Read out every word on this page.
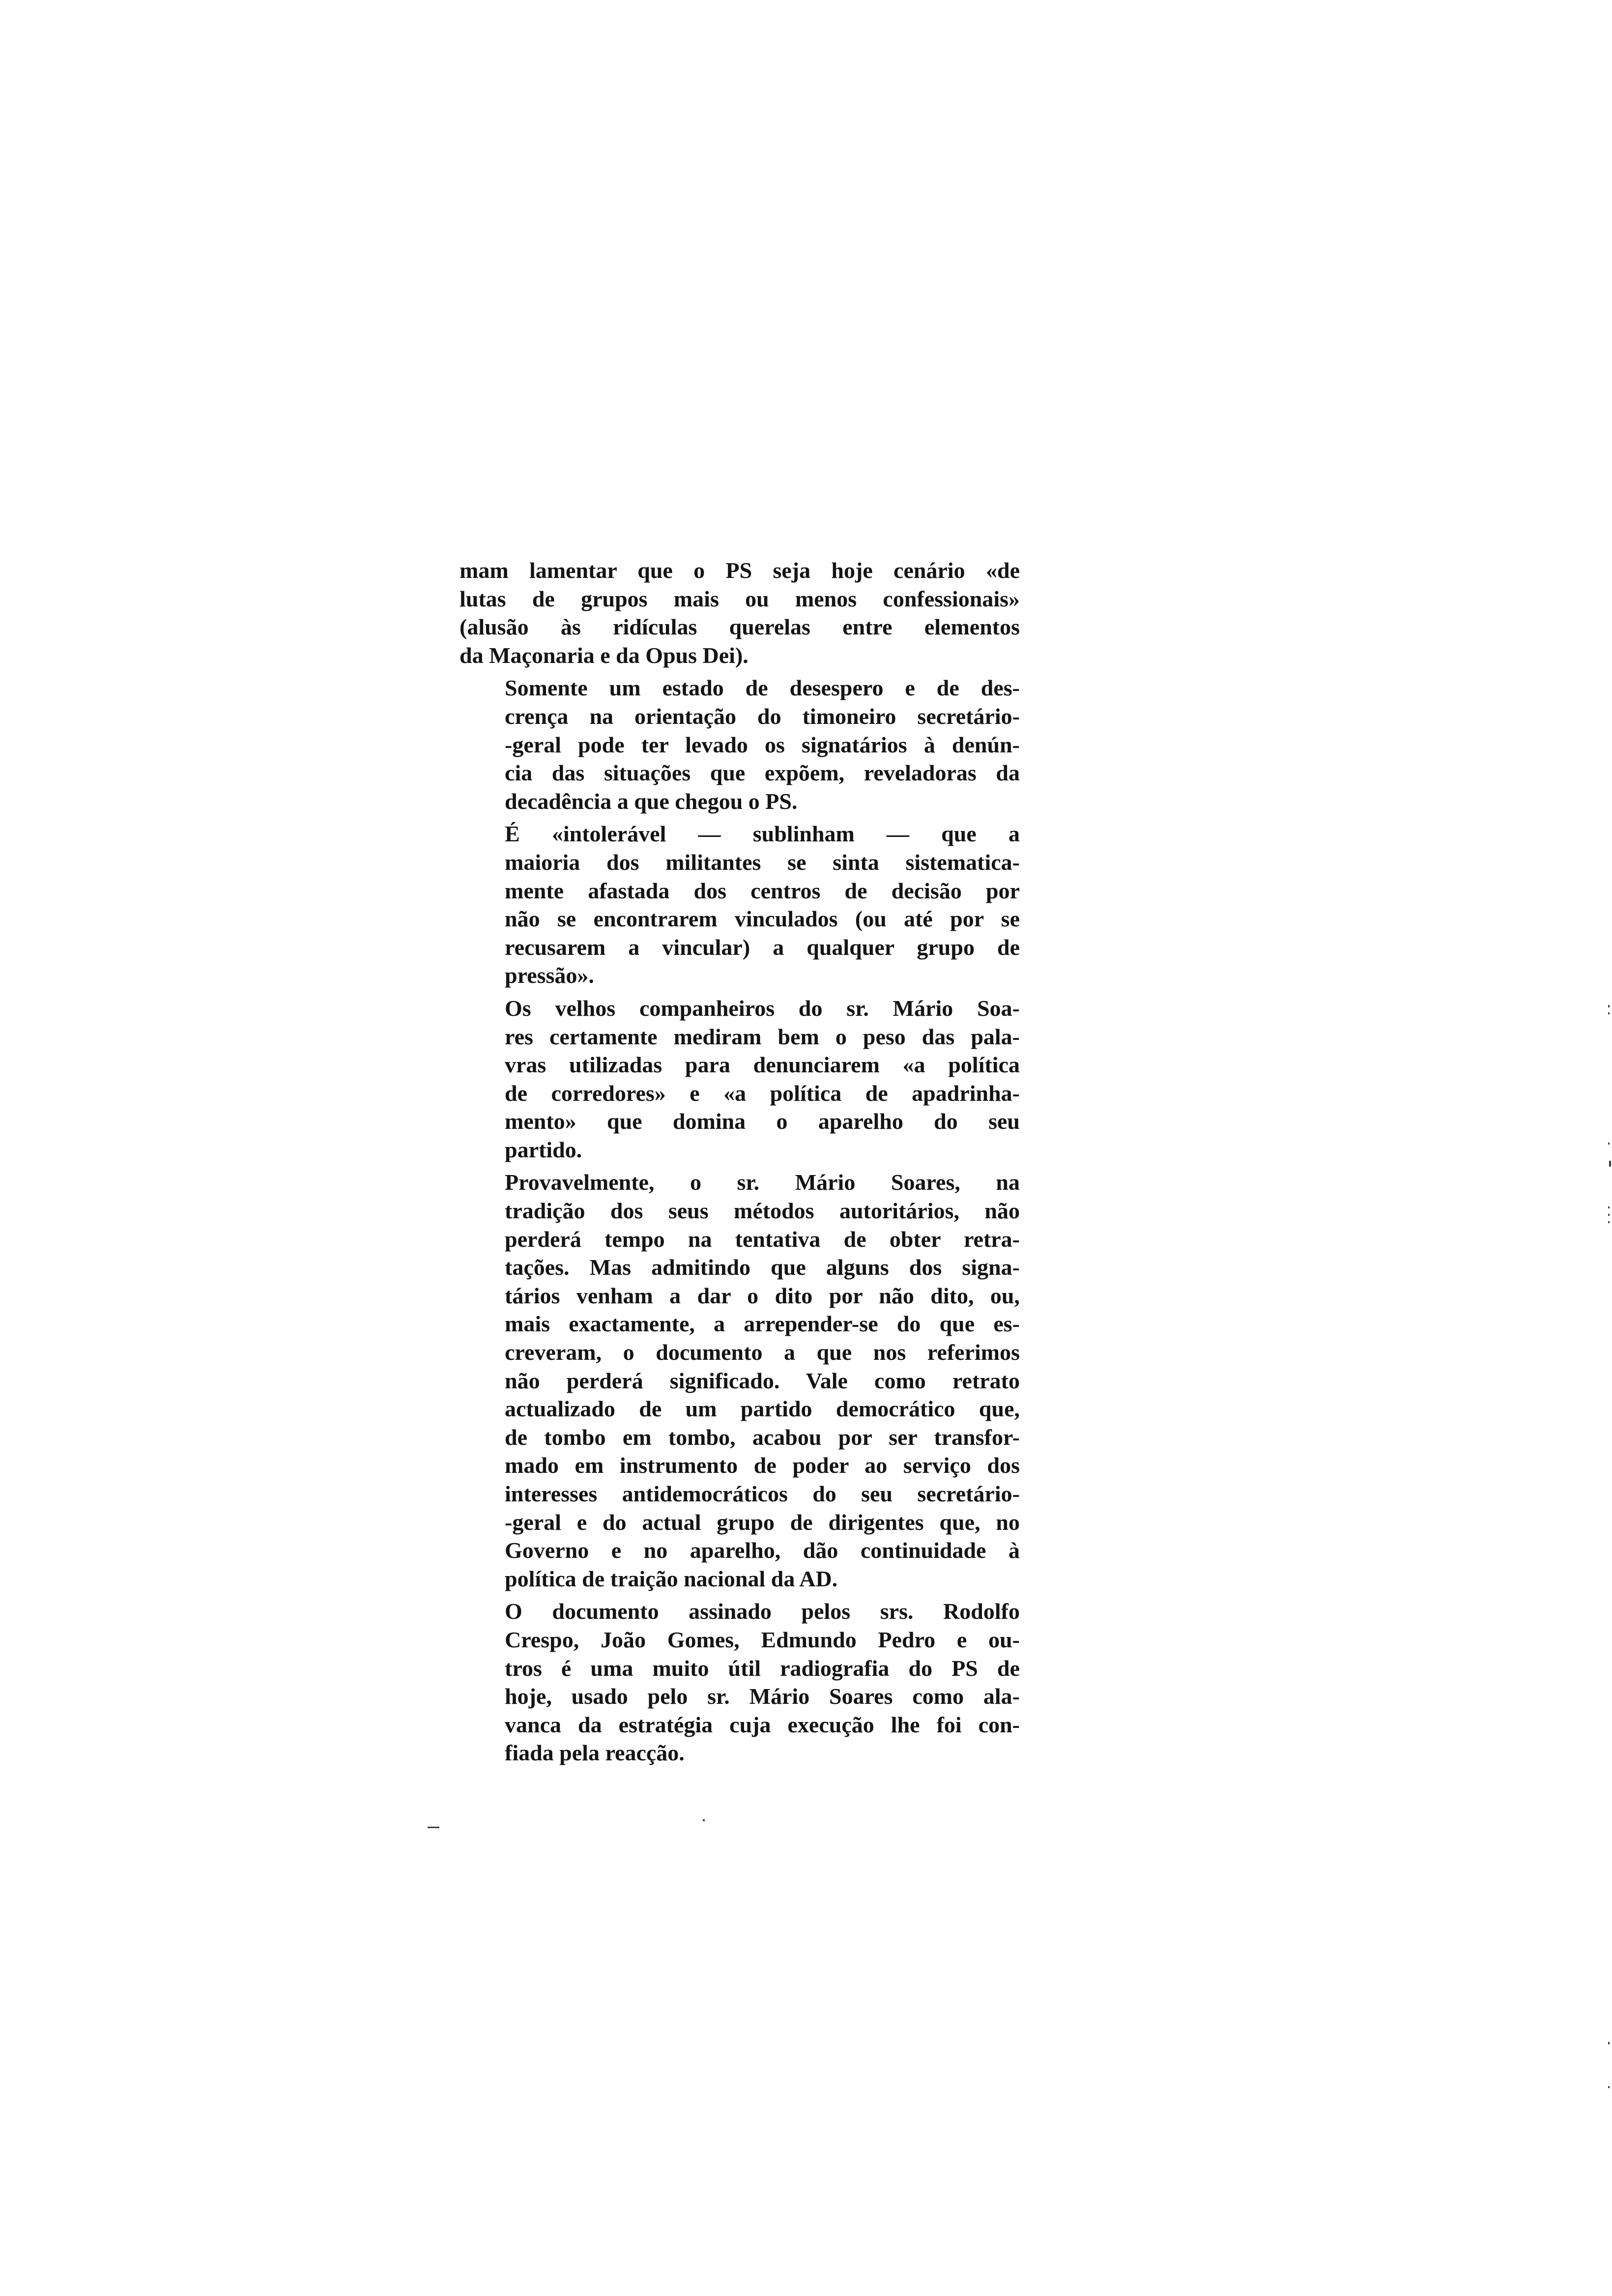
mam lamentar que o PS seja hoje cenário «de
lutas de grupos mais ou menos confessionais»
(alusão às ridículas querelas entre elementos
da Maçonaria e da Opus Dei).

Somente um estado de desespero e de des-
crença na orientação do timoneiro secretário-
-geral pode ter levado os signatários à denún-
cia das situações que expõem, reveladoras da
decadência a que chegou o PS.

É «intolerável — sublinham — que a
maioria dos militantes se sinta sistematica-
mente afastada dos centros de decisão por
não se encontrarem vinculados (ou até por se
recusarem a vincular) a qualquer grupo de
pressão».

Os velhos companheiros do sr. Mário Soa-
res certamente mediram bem o peso das pala-
vras utilizadas para denunciarem «a política
de corredores» e «a política de apadrinha-
mento» que domina o aparelho do seu
partido.

Provavelmente, o sr. Mário Soares, na
tradição dos seus métodos autoritários, não
perderá tempo na tentativa de obter retra-
tações. Mas admitindo que alguns dos signa-
tários venham a dar o dito por não dito, ou,
mais exactamente, a arrepender-se do que es-
creveram, o documento a que nos referimos
não perderá significado. Vale como retrato
actualizado de um partido democrático que,
de tombo em tombo, acabou por ser transfor-
mado em instrumento de poder ao serviço dos
interesses antidemocráticos do seu secretário-
-geral e do actual grupo de dirigentes que, no
Governo e no aparelho, dão continuidade à
política de traição nacional da AD.

O documento assinado pelos srs. Rodolfo
Crespo, João Gomes, Edmundo Pedro e ou-
tros é uma muito útil radiografia do PS de
hoje, usado pelo sr. Mário Soares como ala-
vanca da estratégia cuja execução lhe foi con-
fiada pela reacção.
